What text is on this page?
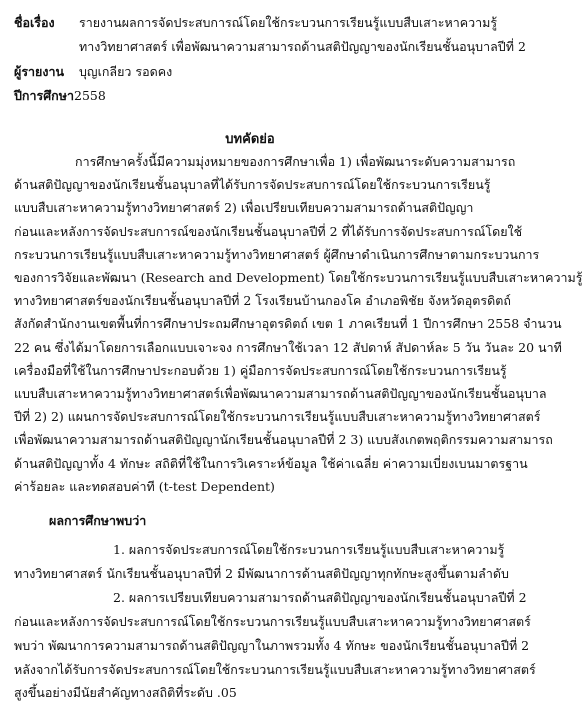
ชื่อเรื่อง รายงานผลการจัดประสบการณ์โดยใช้กระบวนการเรียนรู้แบบสืบเสาะหาความรู้
ทางวิทยาศาสตร์ เพื่อพัฒนาความสามารถด้านสติปัญญาของนักเรียนชั้นอนุบาลปีที่ 2
ผู้รายงาน บุญเกลียว รอดคง
ปีการศึกษา2558
บทคัดย่อ
การศึกษาครั้งนี้มีความมุ่งหมายของการศึกษาเพื่อ 1) เพื่อพัฒนาระดับความสามารถ
ด้านสติปัญญาของนักเรียนชั้นอนุบาลที่ได้รับการจัดประสบการณ์โดยใช้กระบวนการเรียนรู้
แบบสืบเสาะหาความรู้ทางวิทยาศาสตร์ 2) เพื่อเปรียบเทียบความสามารถด้านสติปัญญา
ก่อนและหลังการจัดประสบการณ์ของนักเรียนชั้นอนุบาลปีที่ 2 ที่ได้รับการจัดประสบการณ์โดยใช้
กระบวนการเรียนรู้แบบสืบเสาะหาความรู้ทางวิทยาศาสตร์ ผู้ศึกษาดำเนินการศึกษาตามกระบวนการ
ของการวิจัยและพัฒนา (Research and Development) โดยใช้กระบวนการเรียนรู้แบบสืบเสาะหาความรู้
ทางวิทยาศาสตร์ของนักเรียนชั้นอนุบาลปีที่ 2 โรงเรียนบ้านกองโค อำเภอพิชัย จังหวัดอุตรดิตถ์
สังกัดสำนักงานเขตพื้นที่การศึกษาประถมศึกษาอุตรดิตถ์ เขต 1 ภาคเรียนที่ 1 ปีการศึกษา 2558 จำนวน
22 คน ซึ่งได้มาโดยการเลือกแบบเจาะจง การศึกษาใช้เวลา 12 สัปดาห์ สัปดาห์ละ 5 วัน วันละ 20 นาที
เครื่องมือที่ใช้ในการศึกษาประกอบด้วย 1) คู่มือการจัดประสบการณ์โดยใช้กระบวนการเรียนรู้
แบบสืบเสาะหาความรู้ทางวิทยาศาสตร์เพื่อพัฒนาความสามารถด้านสติปัญญาของนักเรียนชั้นอนุบาล
ปีที่ 2) 2) แผนการจัดประสบการณ์โดยใช้กระบวนการเรียนรู้แบบสืบเสาะหาความรู้ทางวิทยาศาสตร์
เพื่อพัฒนาความสามารถด้านสติปัญญานักเรียนชั้นอนุบาลปีที่ 2 3) แบบสังเกตพฤติกรรมความสามารถ
ด้านสติปัญญาทั้ง 4 ทักษะ สถิติที่ใช้ในการวิเคราะห์ข้อมูล ใช้ค่าเฉลี่ย ค่าความเบี่ยงเบนมาตรฐาน
ค่าร้อยละ และทดสอบค่าที (t-test Dependent)
ผลการศึกษาพบว่า
1. ผลการจัดประสบการณ์โดยใช้กระบวนการเรียนรู้แบบสืบเสาะหาความรู้
ทางวิทยาศาสตร์ นักเรียนชั้นอนุบาลปีที่ 2 มีพัฒนาการด้านสติปัญญาทุกทักษะสูงขึ้นตามลำดับ
2. ผลการเปรียบเทียบความสามารถด้านสติปัญญาของนักเรียนชั้นอนุบาลปีที่ 2
ก่อนและหลังการจัดประสบการณ์โดยใช้กระบวนการเรียนรู้แบบสืบเสาะหาความรู้ทางวิทยาศาสตร์
พบว่า พัฒนาการความสามารถด้านสติปัญญาในภาพรวมทั้ง 4 ทักษะ ของนักเรียนชั้นอนุบาลปีที่ 2
หลังจากได้รับการจัดประสบการณ์โดยใช้กระบวนการเรียนรู้แบบสืบเสาะหาความรู้ทางวิทยาศาสตร์
สูงขึ้นอย่างมีนัยสำคัญทางสถิติที่ระดับ .05
